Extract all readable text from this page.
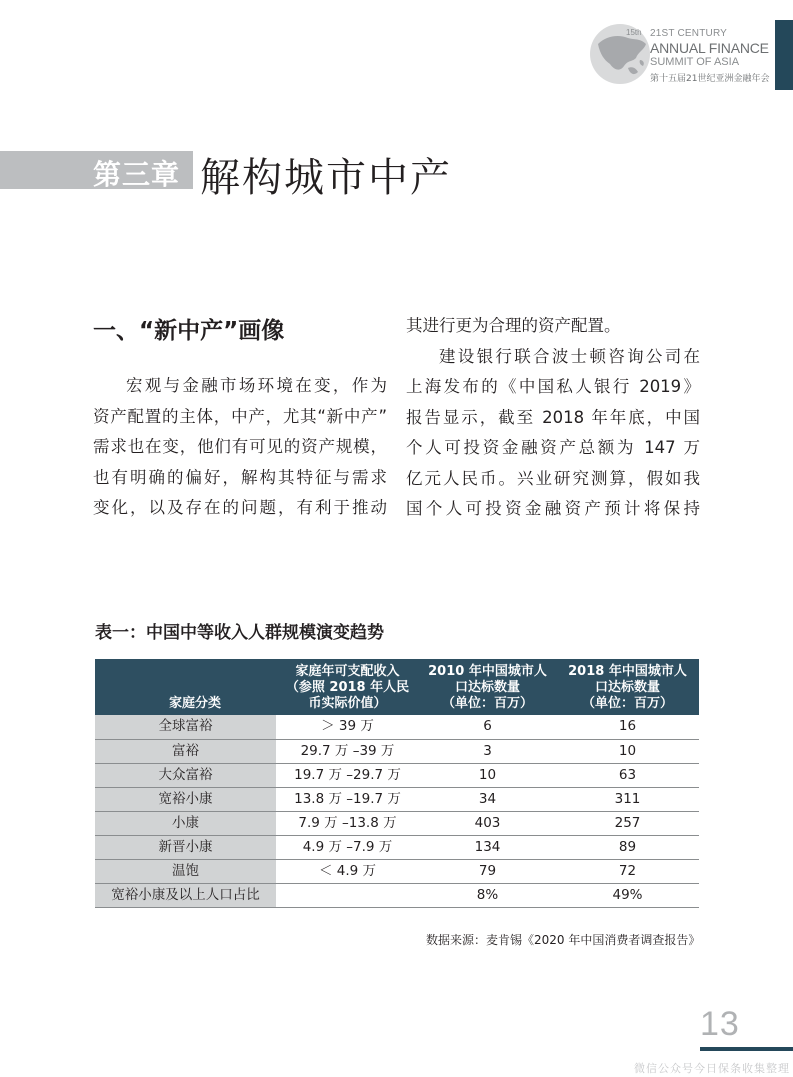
15th 21ST CENTURY
ANNUAL FINANCE
SUMMIT OF ASIA
第十五届21世纪亚洲金融年会
第三章 解构城市中产
一、“新中产”画像
宏观与金融市场环境在变，作为
资产配置的主体，中产，尤其“新中产”
需求也在变，他们有可见的资产规模，
也有明确的偏好，解构其特征与需求
变化，以及存在的问题，有利于推动
其进行更为合理的资产配置。
建设银行联合波士顿咨询公司在
上海发布的《中国私人银行 2019》
报告显示，截至 2018 年年底，中国
个人可投资金融资产总额为 147 万
亿元人民币。兴业研究测算，假如我
国个人可投资金融资产预计将保持
表一：中国中等收入人群规模演变趋势
家庭分类	家庭年可支配收入
（参照 2018 年人民
币实际价值）	2010 年中国城市人
口达标数量
（单位：百万）	2018 年中国城市人
口达标数量
（单位：百万）
全球富裕	＞ 39 万	6	16
富裕	29.7 万 –39 万	3	10
大众富裕	19.7 万 –29.7 万	10	63
宽裕小康	13.8 万 –19.7 万	34	311
小康	7.9 万 –13.8 万	403	257
新晋小康	4.9 万 –7.9 万	134	89
温饱	＜ 4.9 万	79	72
宽裕小康及以上人口占比		8%	49%
数据来源：麦肯锡《2020 年中国消费者调查报告》
13
微信公众号今日保条收集整理
